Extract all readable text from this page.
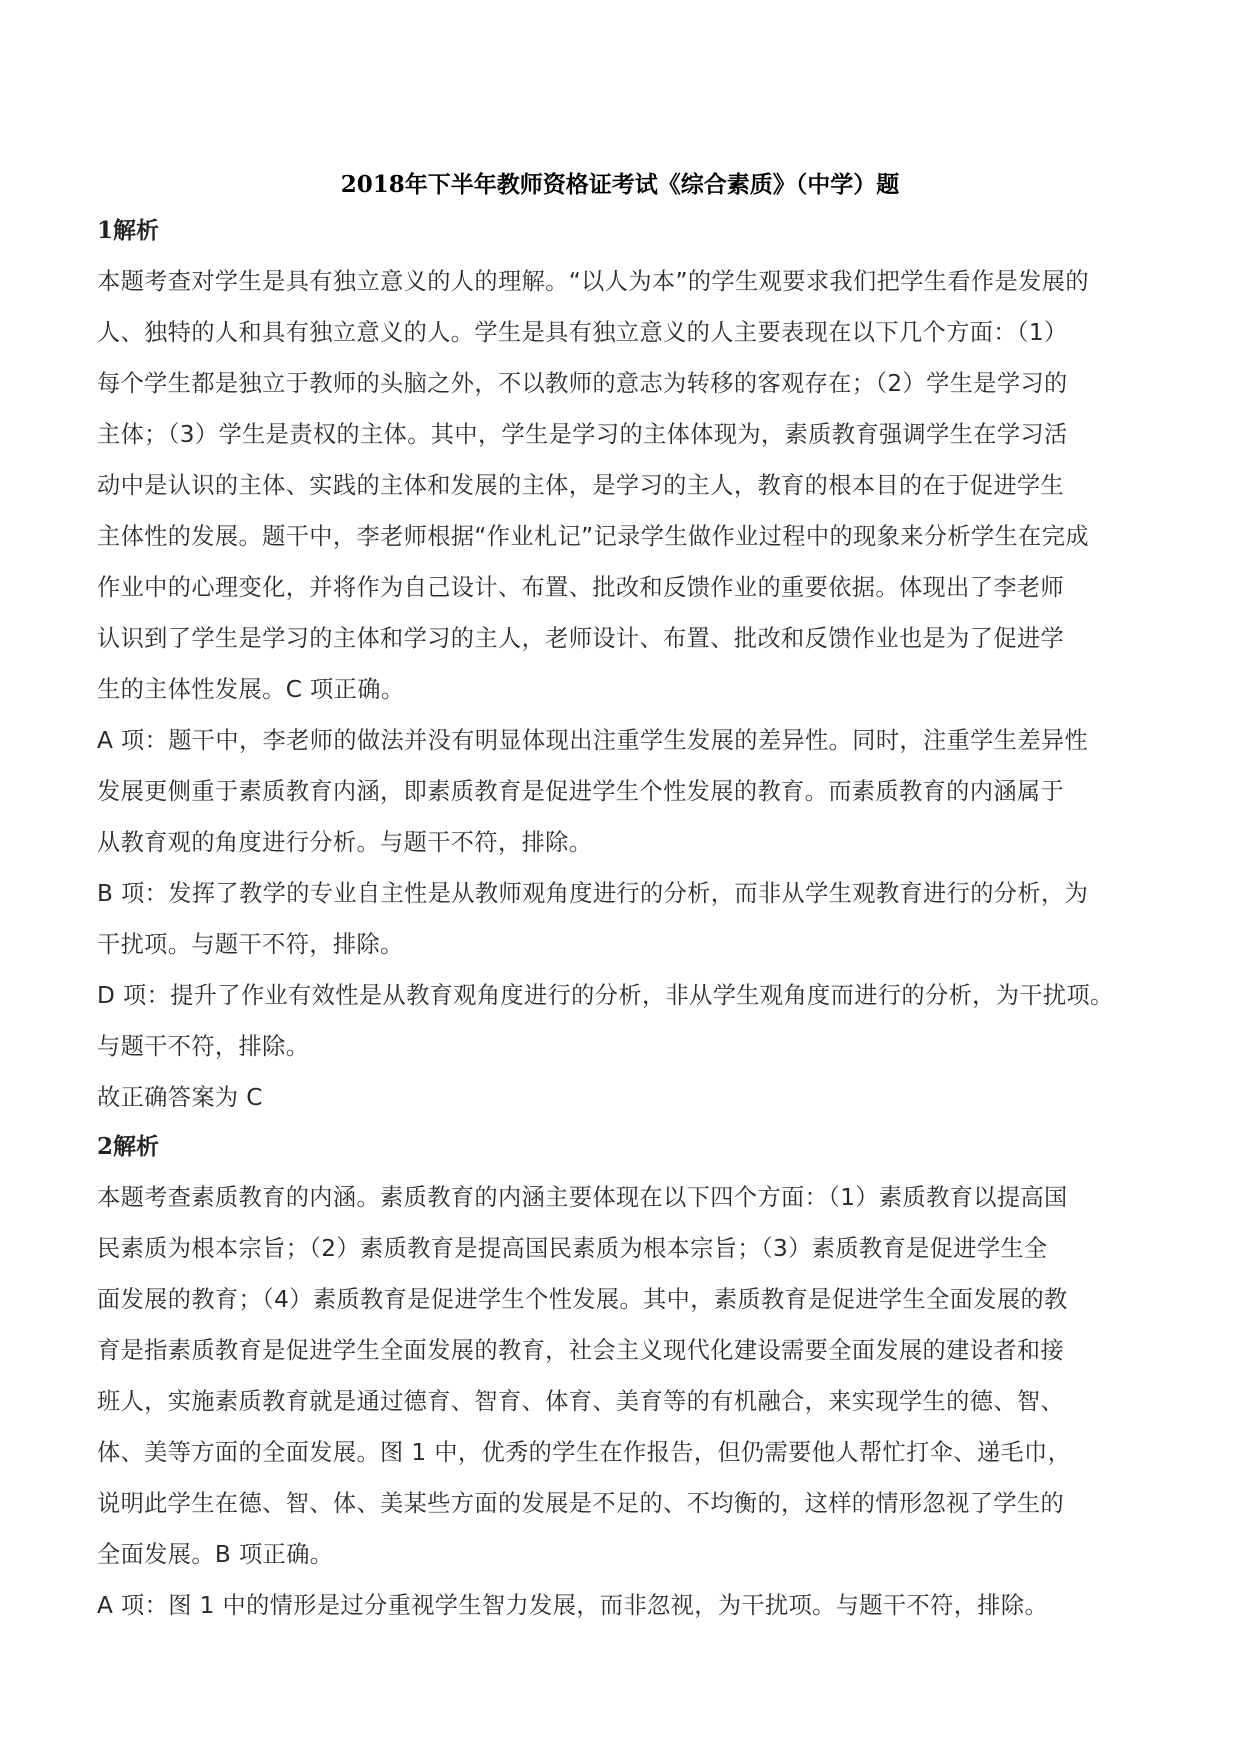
2018年下半年教师资格证考试《综合素质》（中学）题
1解析
本题考查对学生是具有独立意义的人的理解。“以人为本”的学生观要求我们把学生看作是发展的
人、独特的人和具有独立意义的人。学生是具有独立意义的人主要表现在以下几个方面：（1）
每个学生都是独立于教师的头脑之外，不以教师的意志为转移的客观存在；（2）学生是学习的
主体；（3）学生是责权的主体。其中，学生是学习的主体体现为，素质教育强调学生在学习活
动中是认识的主体、实践的主体和发展的主体，是学习的主人，教育的根本目的在于促进学生
主体性的发展。题干中，李老师根据“作业札记”记录学生做作业过程中的现象来分析学生在完成
作业中的心理变化，并将作为自己设计、布置、批改和反馈作业的重要依据。体现出了李老师
认识到了学生是学习的主体和学习的主人，老师设计、布置、批改和反馈作业也是为了促进学
生的主体性发展。C 项正确。
A 项：题干中，李老师的做法并没有明显体现出注重学生发展的差异性。同时，注重学生差异性
发展更侧重于素质教育内涵，即素质教育是促进学生个性发展的教育。而素质教育的内涵属于
从教育观的角度进行分析。与题干不符，排除。
B 项：发挥了教学的专业自主性是从教师观角度进行的分析，而非从学生观教育进行的分析，为
干扰项。与题干不符，排除。
D 项：提升了作业有效性是从教育观角度进行的分析，非从学生观角度而进行的分析，为干扰项。
与题干不符，排除。
故正确答案为 C
2解析
本题考查素质教育的内涵。素质教育的内涵主要体现在以下四个方面：（1）素质教育以提高国
民素质为根本宗旨；（2）素质教育是提高国民素质为根本宗旨；（3）素质教育是促进学生全
面发展的教育；（4）素质教育是促进学生个性发展。其中，素质教育是促进学生全面发展的教
育是指素质教育是促进学生全面发展的教育，社会主义现代化建设需要全面发展的建设者和接
班人，实施素质教育就是通过德育、智育、体育、美育等的有机融合，来实现学生的德、智、
体、美等方面的全面发展。图 1 中，优秀的学生在作报告，但仍需要他人帮忙打伞、递毛巾，
说明此学生在德、智、体、美某些方面的发展是不足的、不均衡的，这样的情形忽视了学生的
全面发展。B 项正确。
A 项：图 1 中的情形是过分重视学生智力发展，而非忽视，为干扰项。与题干不符，排除。
